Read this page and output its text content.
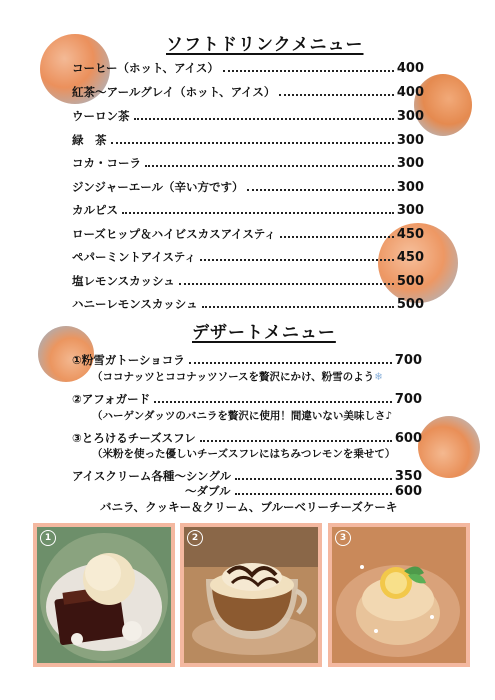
ソフトドリンクメニュー
コーヒー（ホット、アイス）	400
紅茶～アールグレイ（ホット、アイス）	400
ウーロン茶	300
緑　茶	300
コカ・コーラ	300
ジンジャーエール（辛い方です）	300
カルピス	300
ローズヒップ＆ハイビスカスアイスティ	450
ペパーミントアイスティ	450
塩レモンスカッシュ	500
ハニーレモンスカッシュ	500
デザートメニュー
①粉雪ガトーショコラ	700
（ココナッツとココナッツソースを贅沢にかけ、粉雪のよう❄
②アフォガード	700
（ハーゲンダッツのバニラを贅沢に使用！間違いない美味しさ♪
③とろけるチーズスフレ	600
（米粉を使った優しいチーズスフレにはちみつレモンを乗せて）
アイスクリーム各種～シングル	350
～ダブル	600
バニラ、クッキー＆クリーム、ブルーベリーチーズケーキ
1	2	3
